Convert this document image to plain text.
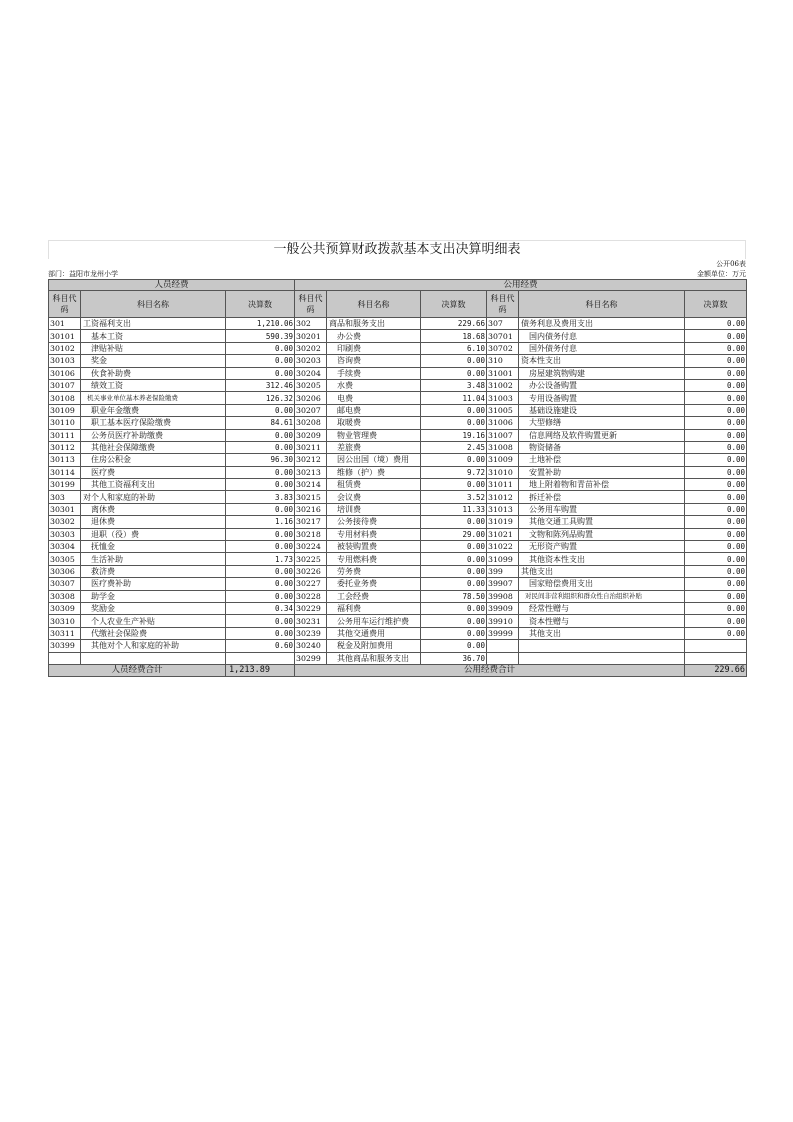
一般公共预算财政拨款基本支出决算明细表
公开06表
部门：益阳市龙州小学	金额单位：万元
人员经费			公用经费					
科目代码	科目名称	决算数	科目代码	科目名称	决算数	科目代码	科目名称	决算数
301	工资福利支出	1,210.06	302	商品和服务支出	229.66	307	债务利息及费用支出	0.00
30101	基本工资	590.39	30201	办公费	18.68	30701	国内债务付息	0.00
30102	津贴补贴	0.00	30202	印刷费	6.10	30702	国外债务付息	0.00
30103	奖金	0.00	30203	咨询费	0.00	310	资本性支出	0.00
30106	伙食补助费	0.00	30204	手续费	0.00	31001	房屋建筑物购建	0.00
30107	绩效工资	312.46	30205	水费	3.48	31002	办公设备购置	0.00
30108	机关事业单位基本养老保险缴费	126.32	30206	电费	11.04	31003	专用设备购置	0.00
30109	职业年金缴费	0.00	30207	邮电费	0.00	31005	基础设施建设	0.00
30110	职工基本医疗保险缴费	84.61	30208	取暖费	0.00	31006	大型修缮	0.00
30111	公务员医疗补助缴费	0.00	30209	物业管理费	19.16	31007	信息网络及软件购置更新	0.00
30112	其他社会保障缴费	0.00	30211	差旅费	2.45	31008	物资储备	0.00
30113	住房公积金	96.30	30212	因公出国（境）费用	0.00	31009	土地补偿	0.00
30114	医疗费	0.00	30213	维修（护）费	9.72	31010	安置补助	0.00
30199	其他工资福利支出	0.00	30214	租赁费	0.00	31011	地上附着物和青苗补偿	0.00
303	对个人和家庭的补助	3.83	30215	会议费	3.52	31012	拆迁补偿	0.00
30301	离休费	0.00	30216	培训费	11.33	31013	公务用车购置	0.00
30302	退休费	1.16	30217	公务接待费	0.00	31019	其他交通工具购置	0.00
30303	退职（役）费	0.00	30218	专用材料费	29.00	31021	文物和陈列品购置	0.00
30304	抚恤金	0.00	30224	被装购置费	0.00	31022	无形资产购置	0.00
30305	生活补助	1.73	30225	专用燃料费	0.00	31099	其他资本性支出	0.00
30306	救济费	0.00	30226	劳务费	0.00	399	其他支出	0.00
30307	医疗费补助	0.00	30227	委托业务费	0.00	39907	国家赔偿费用支出	0.00
30308	助学金	0.00	30228	工会经费	78.50	39908	对民间非营利组织和群众性自治组织补贴	0.00
30309	奖励金	0.34	30229	福利费	0.00	39909	经常性赠与	0.00
30310	个人农业生产补贴	0.00	30231	公务用车运行维护费	0.00	39910	资本性赠与	0.00
30311	代缴社会保险费	0.00	30239	其他交通费用	0.00	39999	其他支出	0.00
30399	其他对个人和家庭的补助	0.60	30240	税金及附加费用	0.00			
			30299	其他商品和服务支出	36.70			
人员经费合计		1,213.89	公用经费合计					229.66
